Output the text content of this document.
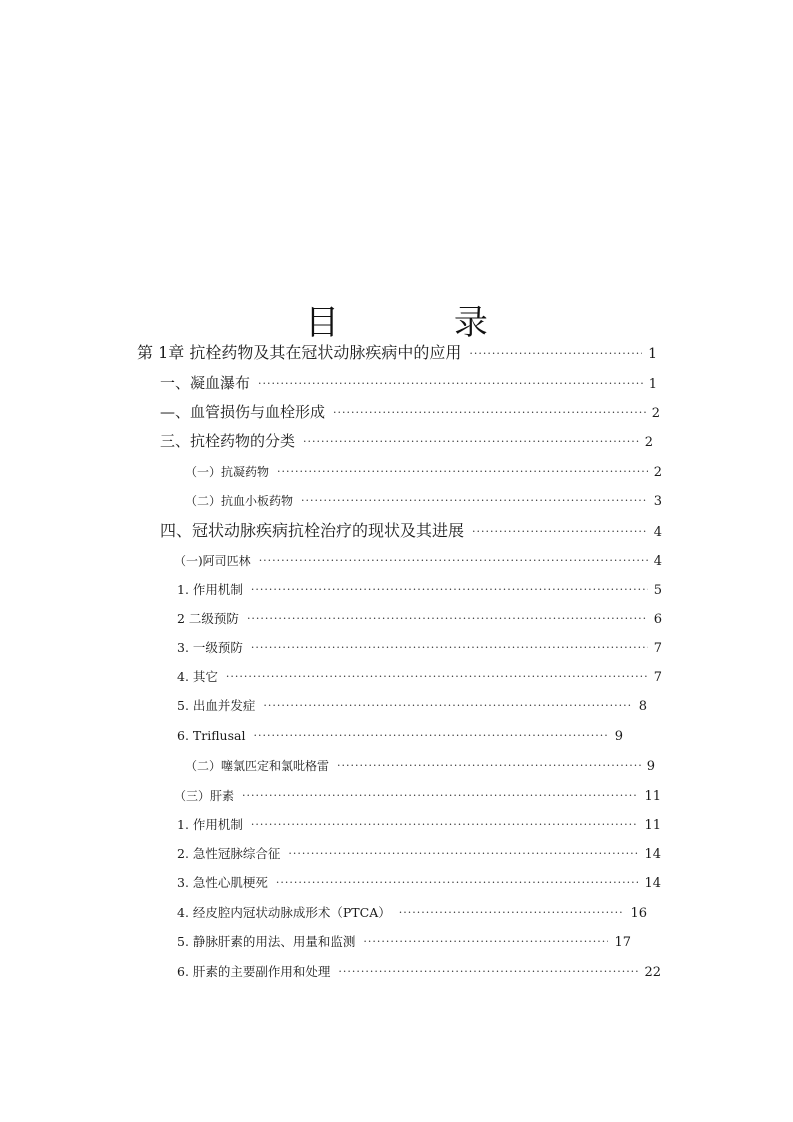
目 录
第 1章 抗栓药物及其在冠状动脉疾病中的应用 ·····	1
一、凝血瀑布 ·····	1
—、血管损伤与血栓形成 ·····	2
三、抗栓药物的分类 ·····	2
（一）抗凝药物 ·····	2
（二）抗血小板药物 ·····	3
四、冠状动脉疾病抗栓治疗的现状及其进展 ·····	4
（一)阿司匹林 ·····	4
1. 作用机制 ·····	5
2 二级预防 ·····	6
3. 一级预防 ·····	7
4. 其它 ·····	7
5. 出血并发症 ·····	8
6. Triflusal ·····	9
（二）噻氯匹定和氯吡格雷 ·····	9
（三）肝素 ·····	11
1. 作用机制 ·····	11
2. 急性冠脉综合征 ·····	14
3. 急性心肌梗死 ·····	14
4. 经皮腔内冠状动脉成形术（PTCA） ·····	16
5. 静脉肝素的用法、用量和监测 ·····	17
6. 肝素的主要副作用和处理 ·····	22
